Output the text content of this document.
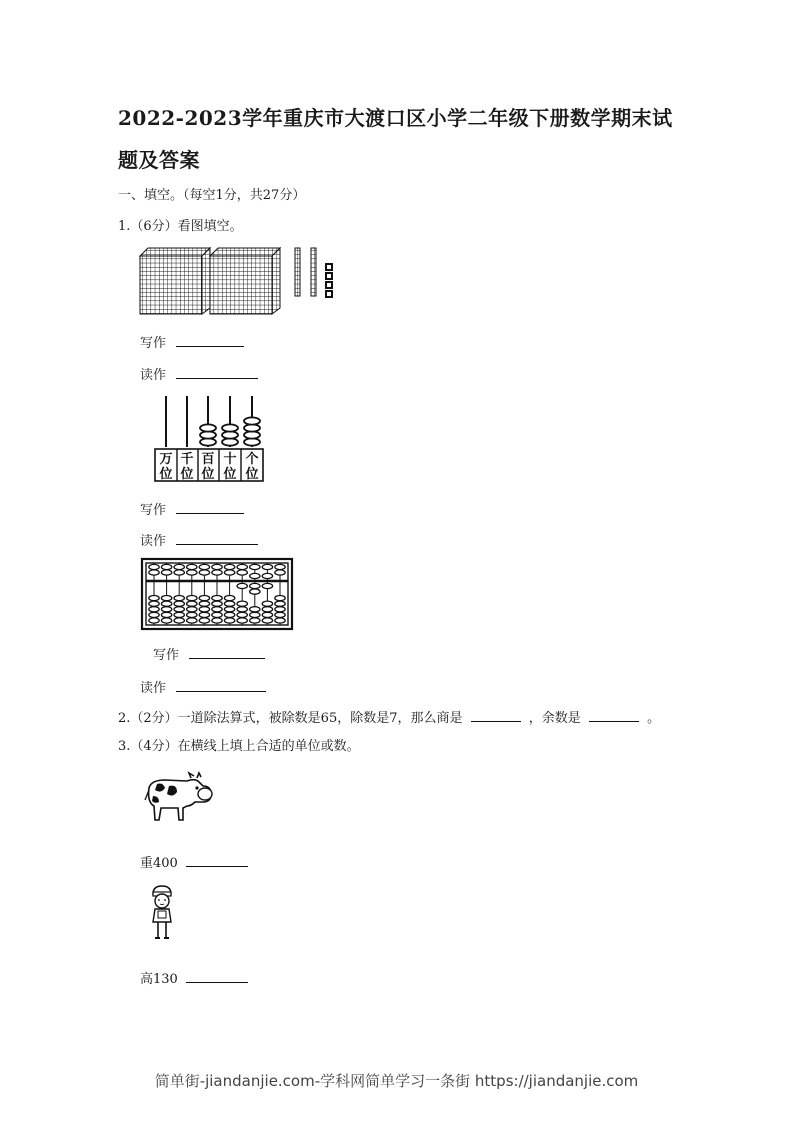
2022-2023学年重庆市大渡口区小学二年级下册数学期末试
题及答案
一、填空。（每空1分，共27分）
1.（6分）看图填空。
写作
读作
万
位
千
位
百
位
十
位
个
位
写作
读作
写作
读作
2.（2分）一道除法算式，被除数是65，除数是7，那么商是	，余数是	。
3.（4分）在横线上填上合适的单位或数。
重400
高130
简单街-jiandanjie.com-学科网简单学习一条街 https://jiandanjie.com
